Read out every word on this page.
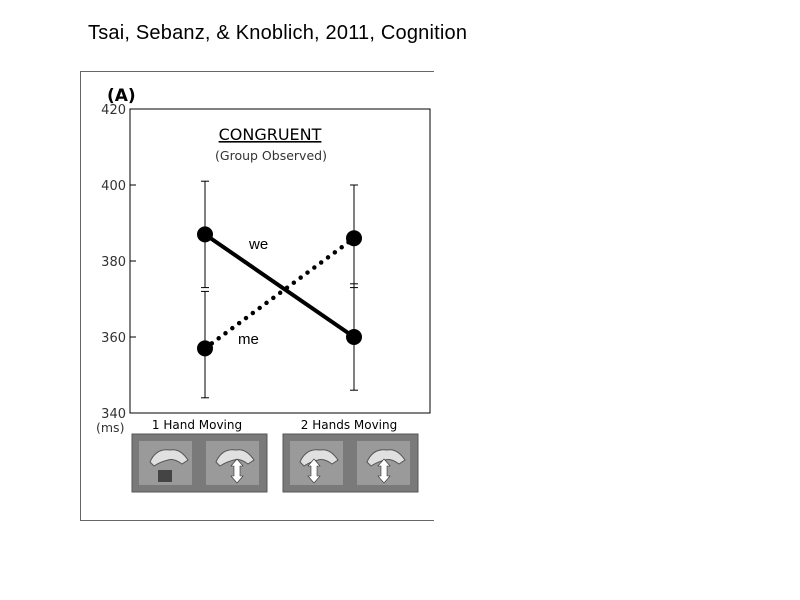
Tsai, Sebanz, & Knoblich, 2011, Cognition
(A)
340
360
380
400
420
(ms)
CONGRUENT
(Group Observed)
we
me
1 Hand Moving	2 Hands Moving
